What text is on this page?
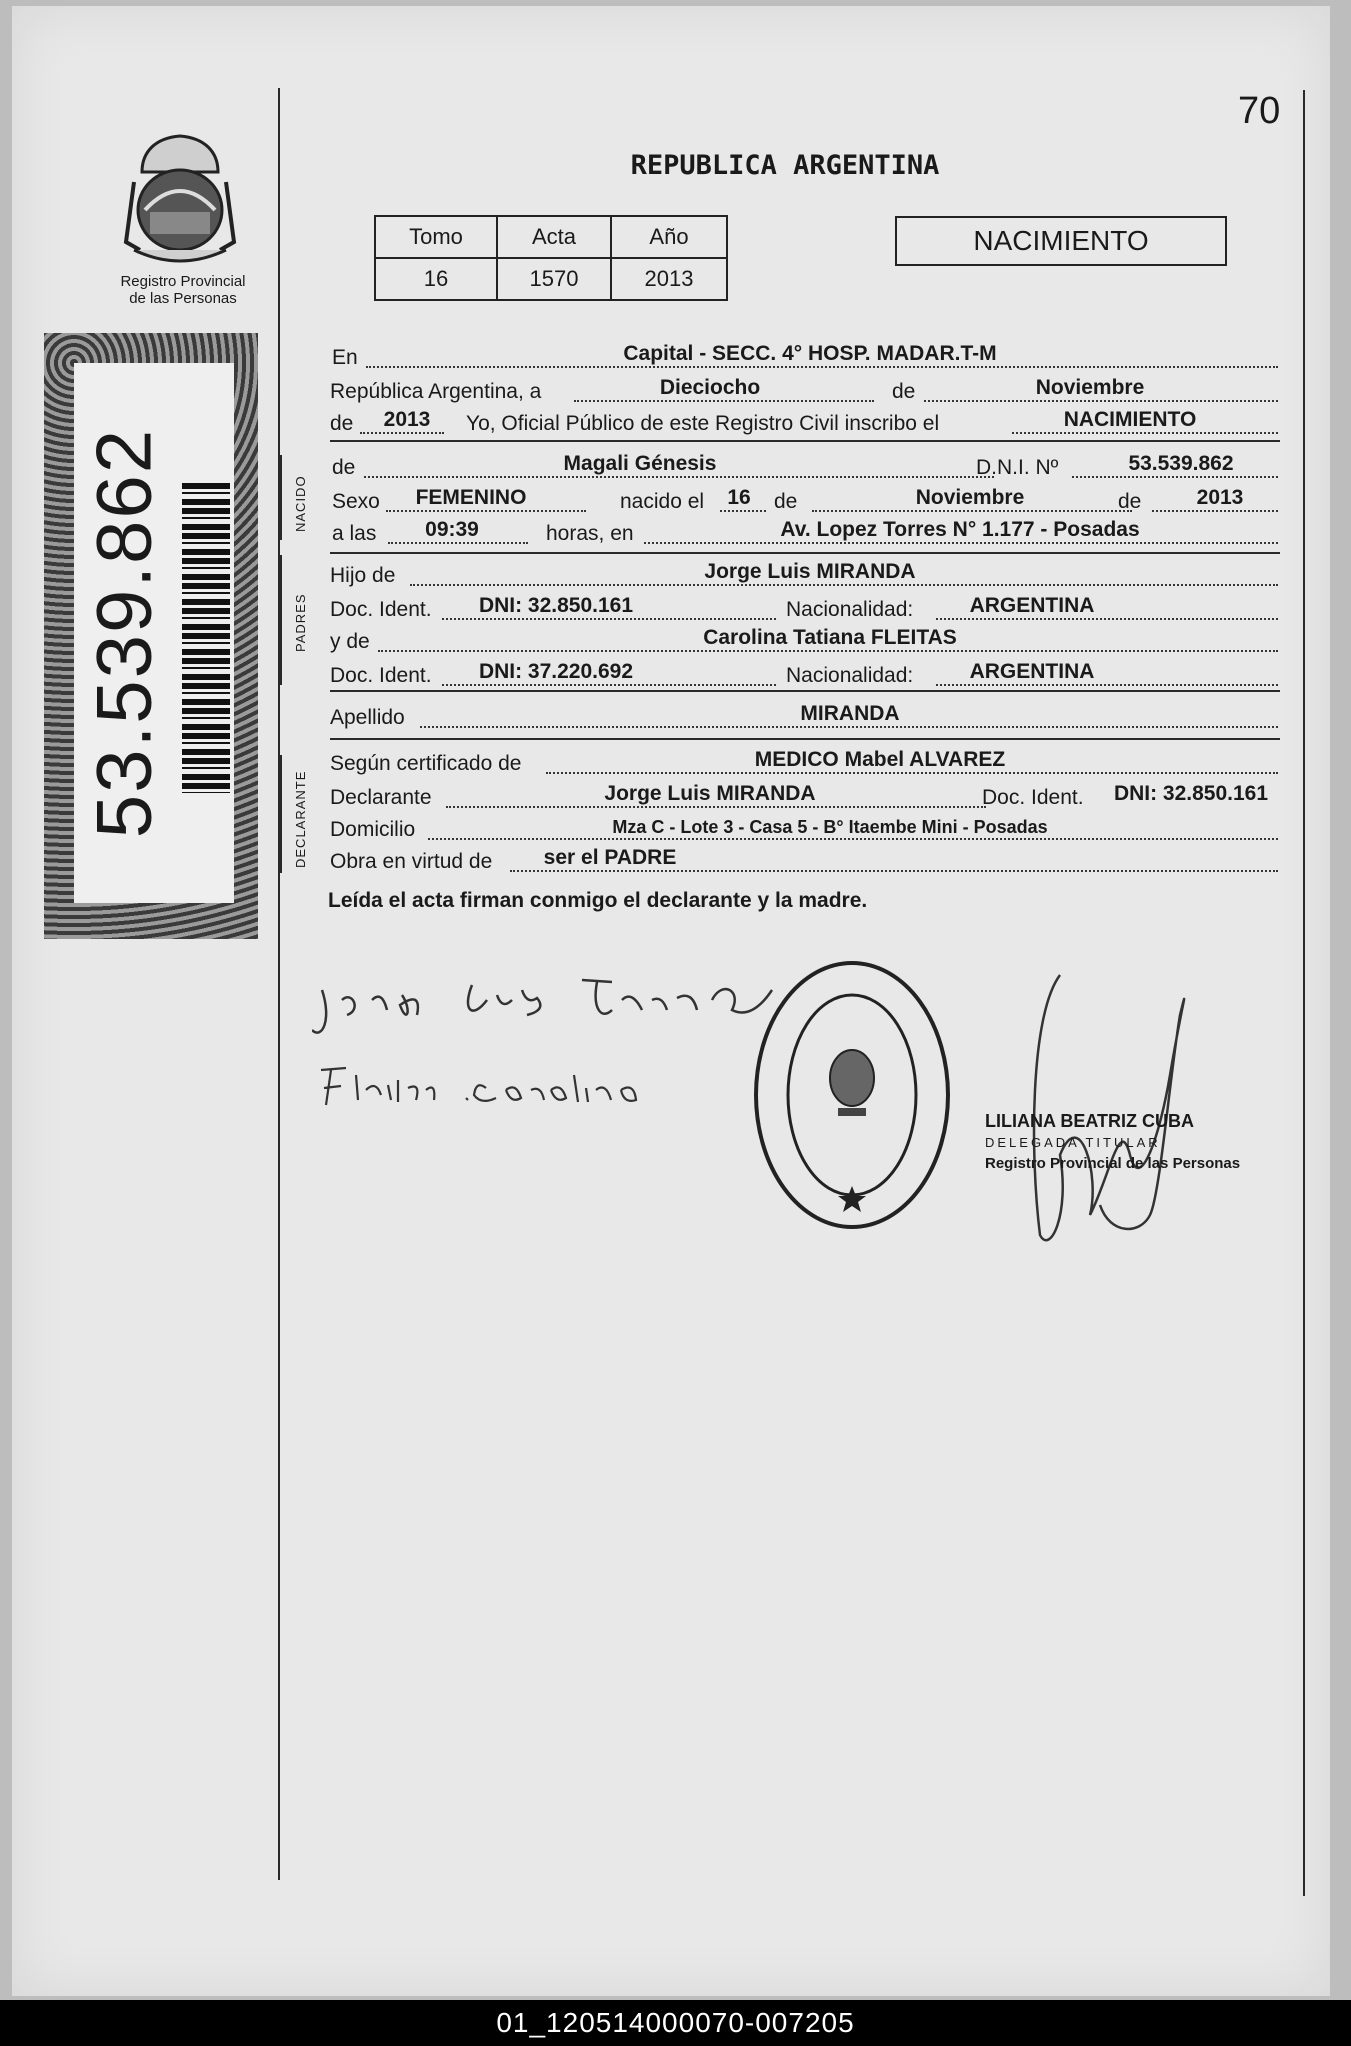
70
REPUBLICA ARGENTINA
Tomo	Acta	Año
16	1570	2013
NACIMIENTO
Registro Provincial
de las Personas
53.539.862	NACIDO
PADRES
DECLARANTE
En	Capital - SECC. 4° HOSP. MADAR.T-M
República Argentina, a	Dieciocho	de	Noviembre
de	2013	Yo, Oficial Público de este Registro Civil inscribo el	NACIMIENTO
de	Magali Génesis	D.N.I. Nº	53.539.862
Sexo	FEMENINO	nacido el 16 de	Noviembre	de	2013
a las	09:39	horas, en	Av. Lopez Torres N° 1.177 - Posadas
Hijo de	Jorge Luis MIRANDA
Doc. Ident.	DNI: 32.850.161	Nacionalidad:	ARGENTINA
y de	Carolina Tatiana FLEITAS
Doc. Ident.	DNI: 37.220.692	Nacionalidad:	ARGENTINA
Apellido	MIRANDA
Según certificado de	MEDICO Mabel ALVAREZ
Declarante	Jorge Luis MIRANDA	Doc. Ident.	DNI: 32.850.161
Domicilio	Mza C - Lote 3 - Casa 5 - B° Itaembe Mini - Posadas
Obra en virtud de	ser el PADRE
Leída el acta firman conmigo el declarante y la madre.
LILIANA BEATRIZ CUBA
DELEGADA TITULAR
Registro Provincial de las Personas
01_120514000070-007205
